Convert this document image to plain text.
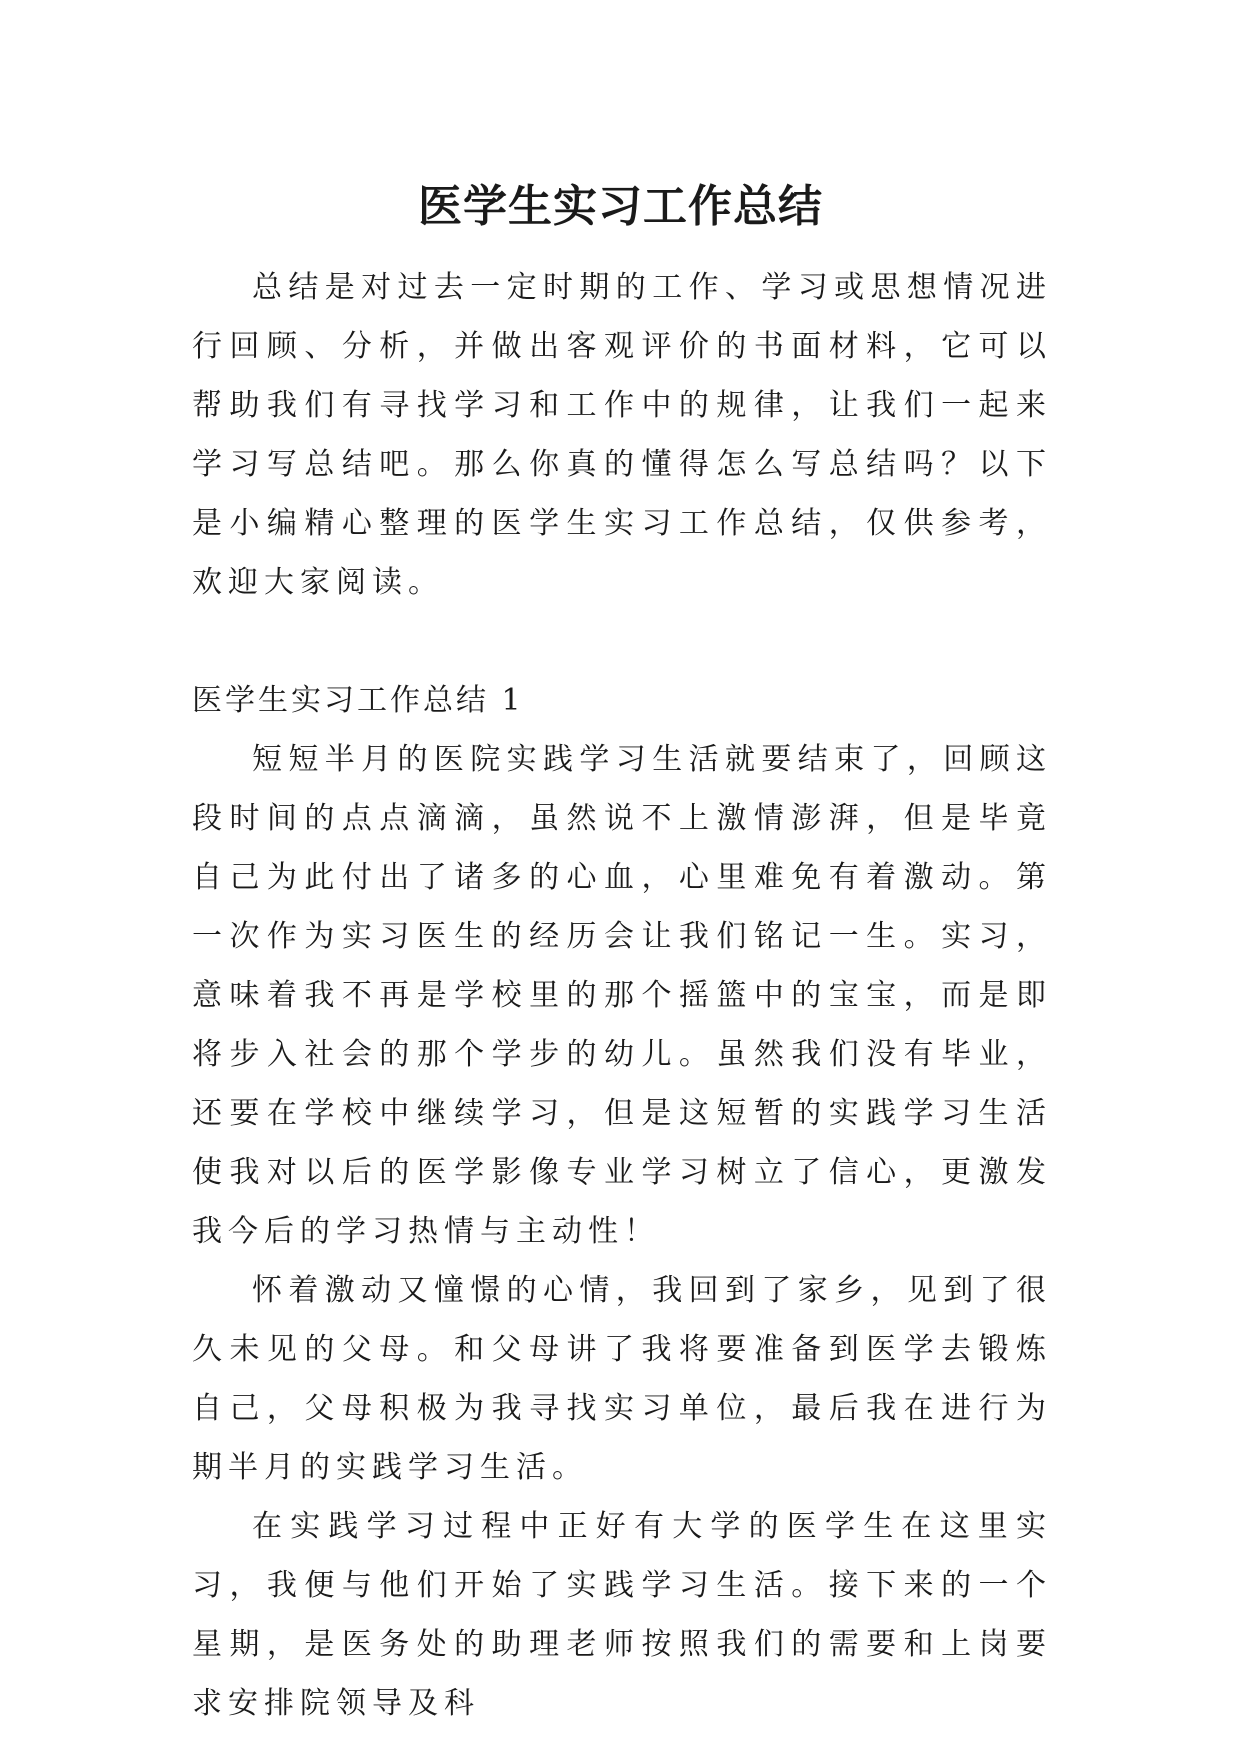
医学生实习工作总结

总结是对过去一定时期的工作、学习或思想情况进行回顾、分析，并做出客观评价的书面材料，它可以帮助我们有寻找学习和工作中的规律，让我们一起来学习写总结吧。那么你真的懂得怎么写总结吗？以下是小编精心整理的医学生实习工作总结，仅供参考，欢迎大家阅读。

医学生实习工作总结 1

短短半月的医院实践学习生活就要结束了，回顾这段时间的点点滴滴，虽然说不上激情澎湃，但是毕竟自己为此付出了诸多的心血，心里难免有着激动。第一次作为实习医生的经历会让我们铭记一生。实习，意味着我不再是学校里的那个摇篮中的宝宝，而是即将步入社会的那个学步的幼儿。虽然我们没有毕业，还要在学校中继续学习，但是这短暂的实践学习生活使我对以后的医学影像专业学习树立了信心，更激发我今后的学习热情与主动性！

怀着激动又憧憬的心情，我回到了家乡，见到了很久未见的父母。和父母讲了我将要准备到医学去锻炼自己，父母积极为我寻找实习单位，最后我在进行为期半月的实践学习生活。

在实践学习过程中正好有大学的医学生在这里实习，我便与他们开始了实践学习生活。接下来的一个星期，是医务处的助理老师按照我们的需要和上岗要求安排院领导及科
